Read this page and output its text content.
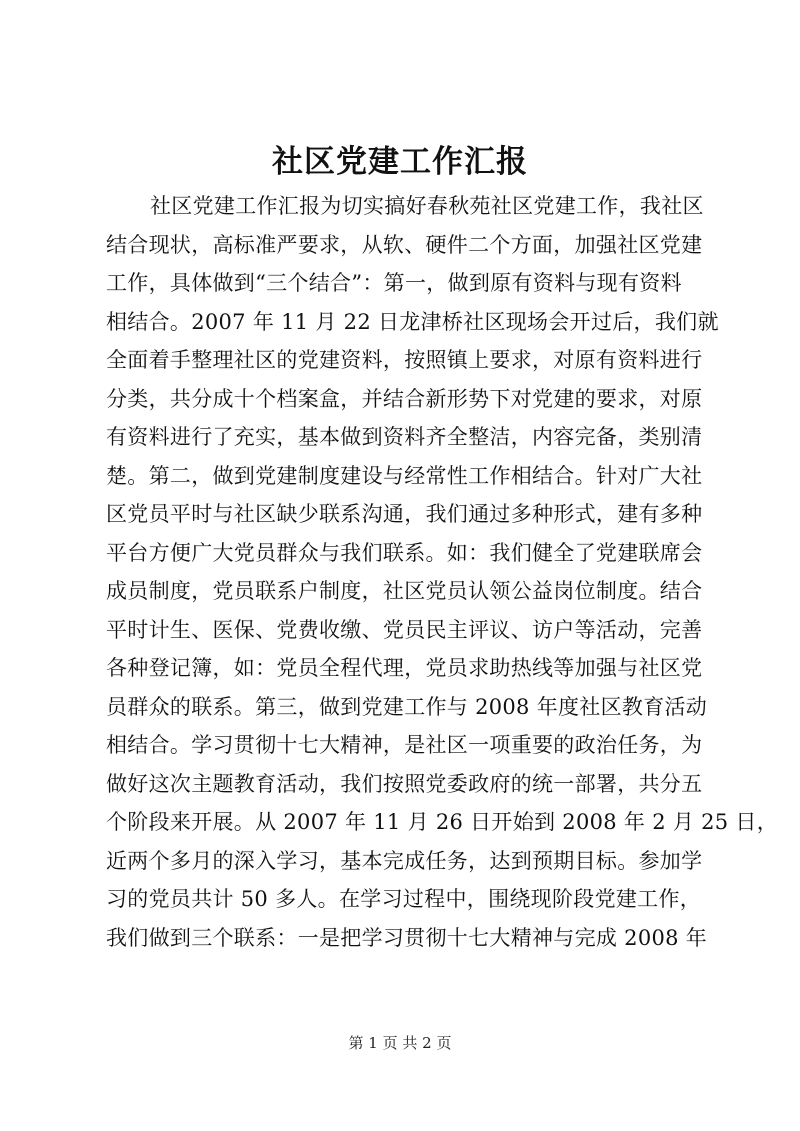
社区党建工作汇报
社区党建工作汇报为切实搞好春秋苑社区党建工作，我社区
结合现状，高标准严要求，从软、硬件二个方面，加强社区党建
工作，具体做到“三个结合”：第一，做到原有资料与现有资料
相结合。2007 年 11 月 22 日龙津桥社区现场会开过后，我们就
全面着手整理社区的党建资料，按照镇上要求，对原有资料进行
分类，共分成十个档案盒，并结合新形势下对党建的要求，对原
有资料进行了充实，基本做到资料齐全整洁，内容完备，类别清
楚。第二，做到党建制度建设与经常性工作相结合。针对广大社
区党员平时与社区缺少联系沟通，我们通过多种形式，建有多种
平台方便广大党员群众与我们联系。如：我们健全了党建联席会
成员制度，党员联系户制度，社区党员认领公益岗位制度。结合
平时计生、医保、党费收缴、党员民主评议、访户等活动，完善
各种登记簿，如：党员全程代理，党员求助热线等加强与社区党
员群众的联系。第三，做到党建工作与 2008 年度社区教育活动
相结合。学习贯彻十七大精神，是社区一项重要的政治任务，为
做好这次主题教育活动，我们按照党委政府的统一部署，共分五
个阶段来开展。从 2007 年 11 月 26 日开始到 2008 年 2 月 25 日，
近两个多月的深入学习，基本完成任务，达到预期目标。参加学
习的党员共计 50 多人。在学习过程中，围绕现阶段党建工作，
我们做到三个联系：一是把学习贯彻十七大精神与完成 2008 年
第 1 页 共 2 页
